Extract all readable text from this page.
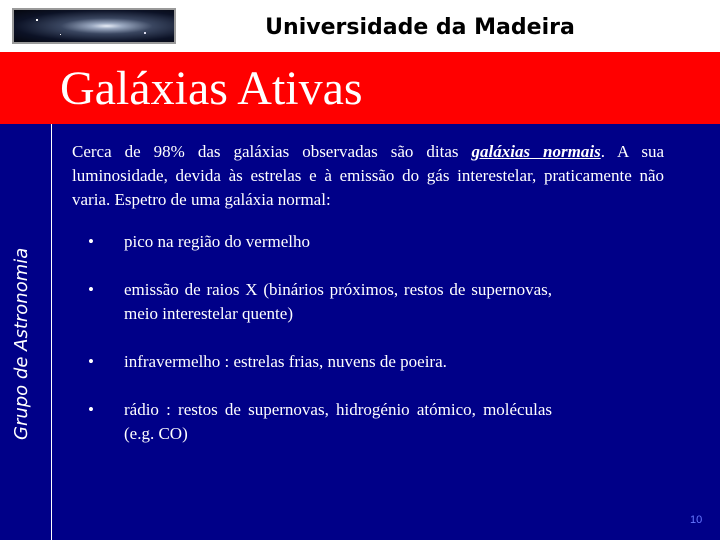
Universidade da Madeira
Galáxias Ativas
Grupo de Astronomia
Cerca de 98% das galáxias observadas são ditas galáxias normais. A sua luminosidade, devida às estrelas e à emissão do gás interestelar, praticamente não varia. Espetro de uma galáxia normal:
• pico na região do vermelho
• emissão de raios X (binários próximos, restos de supernovas, meio interestelar quente)
• infravermelho : estrelas frias, nuvens de poeira.
• rádio : restos de supernovas, hidrogénio atómico, moléculas (e.g. CO)
10
